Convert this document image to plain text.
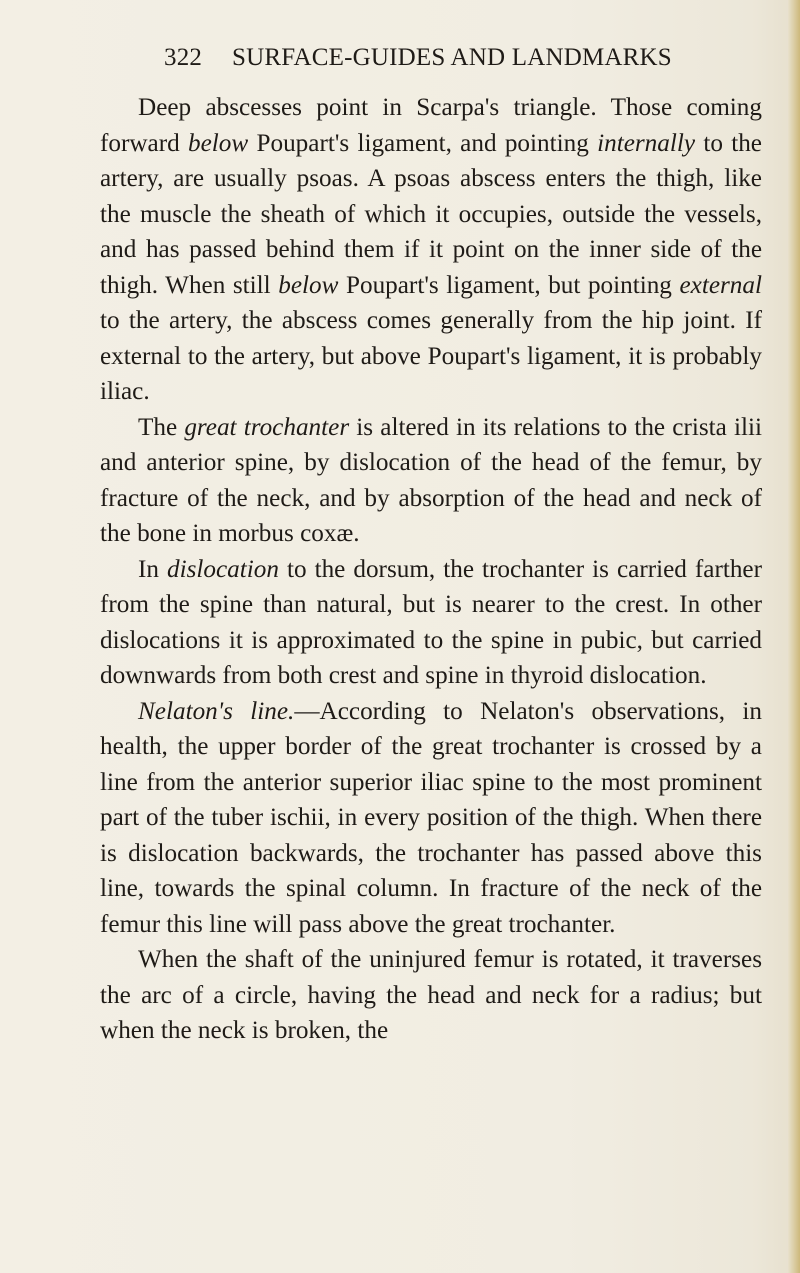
322 SURFACE-GUIDES AND LANDMARKS

Deep abscesses point in Scarpa's triangle. Those coming forward below Poupart's ligament, and pointing internally to the artery, are usually psoas. A psoas abscess enters the thigh, like the muscle the sheath of which it occupies, outside the vessels, and has passed behind them if it point on the inner side of the thigh. When still below Poupart's ligament, but pointing external to the artery, the abscess comes generally from the hip joint. If external to the artery, but above Poupart's ligament, it is probably iliac.

The great trochanter is altered in its relations to the crista ilii and anterior spine, by dislocation of the head of the femur, by fracture of the neck, and by absorption of the head and neck of the bone in morbus coxæ.

In dislocation to the dorsum, the trochanter is carried farther from the spine than natural, but is nearer to the crest. In other dislocations it is approximated to the spine in pubic, but carried downwards from both crest and spine in thyroid dislocation.

Nelaton's line.—According to Nelaton's observations, in health, the upper border of the great trochanter is crossed by a line from the anterior superior iliac spine to the most prominent part of the tuber ischii, in every position of the thigh. When there is dislocation backwards, the trochanter has passed above this line, towards the spinal column. In fracture of the neck of the femur this line will pass above the great trochanter.

When the shaft of the uninjured femur is rotated, it traverses the arc of a circle, having the head and neck for a radius; but when the neck is broken, the
